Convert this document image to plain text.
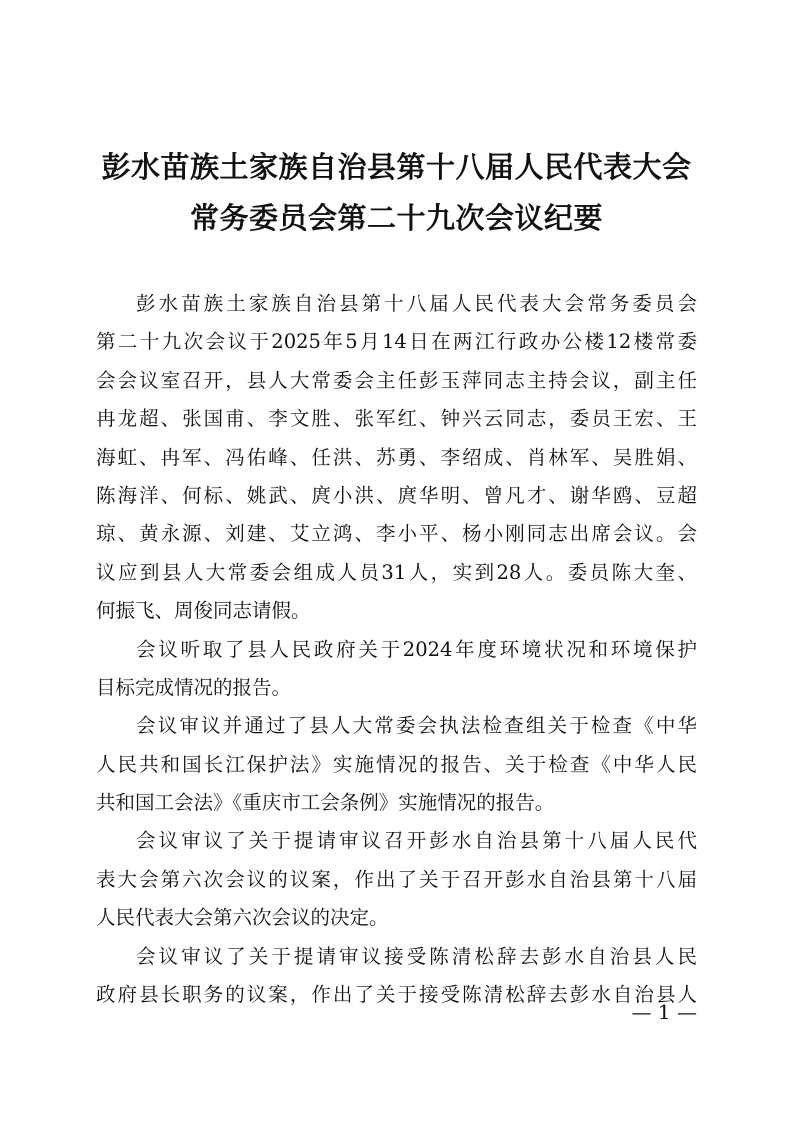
彭水苗族土家族自治县第十八届人民代表大会
常务委员会第二十九次会议纪要
彭水苗族土家族自治县第十八届人民代表大会常务委员会
第二十九次会议于2025年5月14日在两江行政办公楼12楼常委
会会议室召开，县人大常委会主任彭玉萍同志主持会议，副主任
冉龙超、张国甫、李文胜、张军红、钟兴云同志，委员王宏、王
海虹、冉军、冯佑峰、任洪、苏勇、李绍成、肖林军、吴胜娟、
陈海洋、何标、姚武、庹小洪、庹华明、曾凡才、谢华鸥、豆超
琼、黄永源、刘建、艾立鸿、李小平、杨小刚同志出席会议。会
议应到县人大常委会组成人员31人，实到28人。委员陈大奎、
何振飞、周俊同志请假。
会议听取了县人民政府关于2024年度环境状况和环境保护
目标完成情况的报告。
会议审议并通过了县人大常委会执法检查组关于检查《中华
人民共和国长江保护法》实施情况的报告、关于检查《中华人民
共和国工会法》《重庆市工会条例》实施情况的报告。
会议审议了关于提请审议召开彭水自治县第十八届人民代
表大会第六次会议的议案，作出了关于召开彭水自治县第十八届
人民代表大会第六次会议的决定。
会议审议了关于提请审议接受陈清松辞去彭水自治县人民
政府县长职务的议案，作出了关于接受陈清松辞去彭水自治县人
— 1 —
